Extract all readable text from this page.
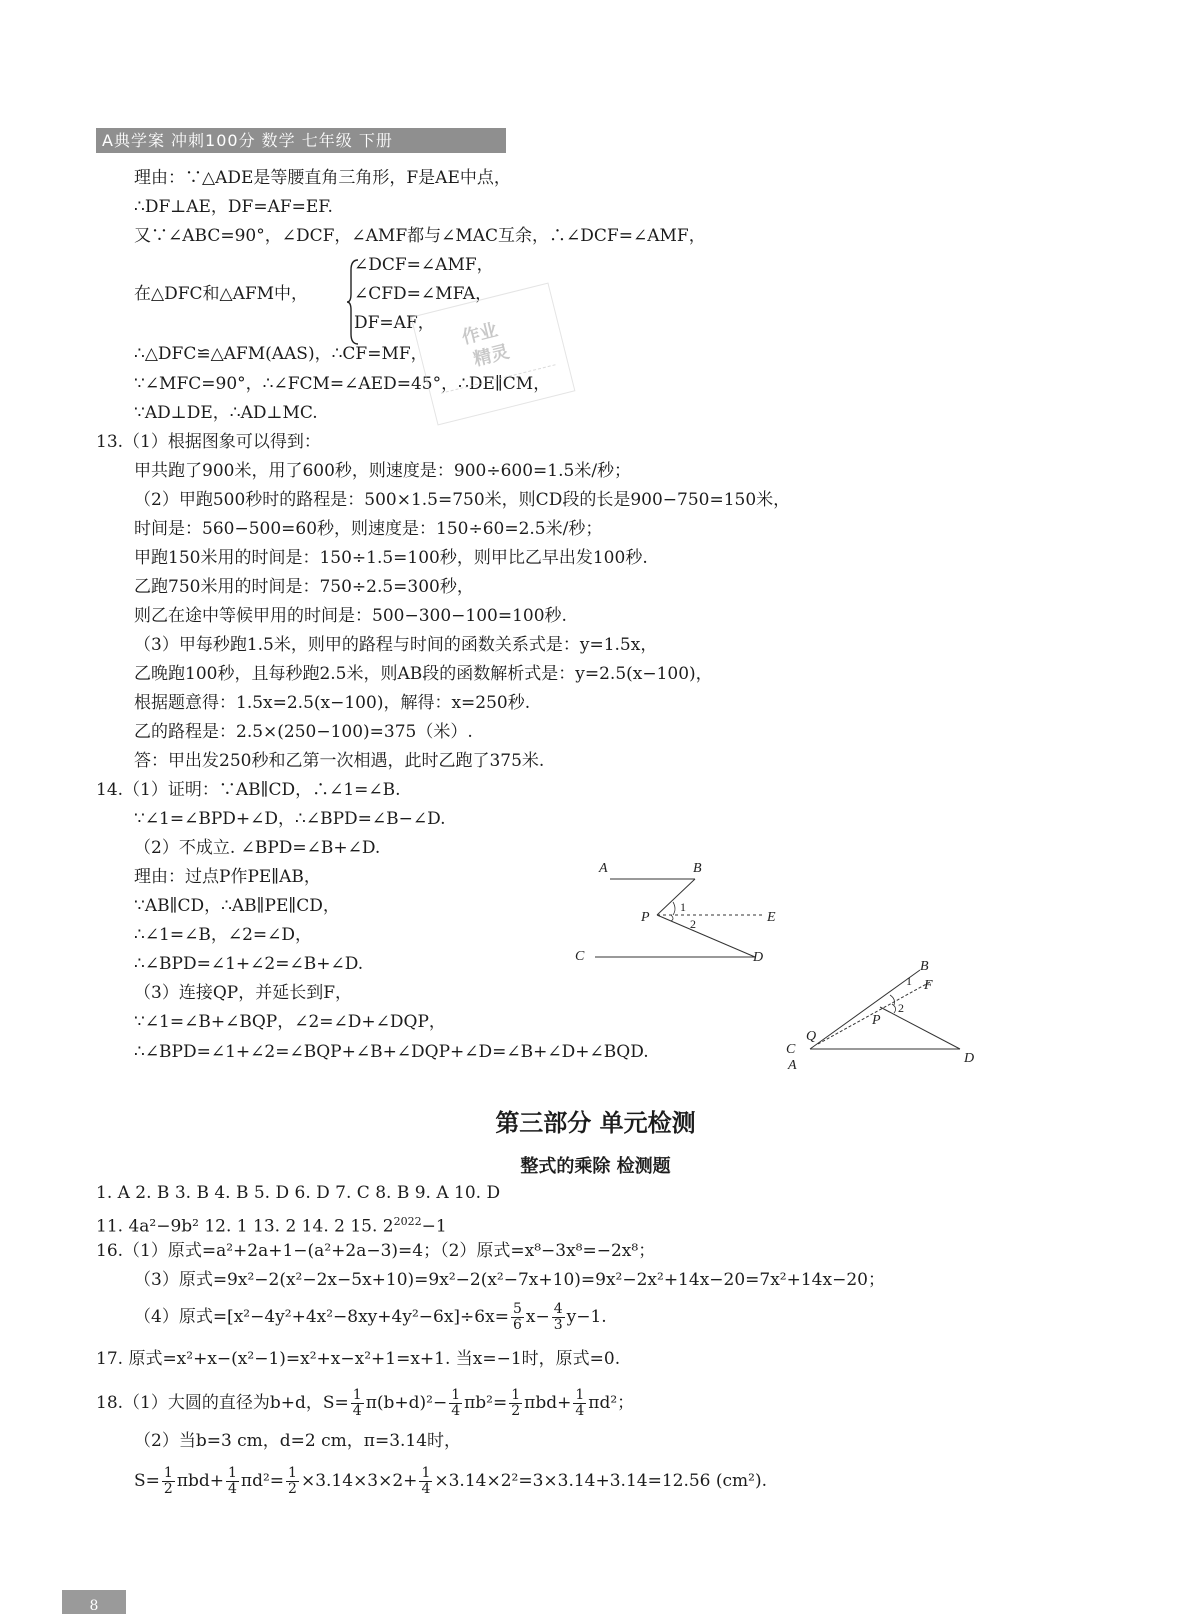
A典学案 冲刺100分 数学 七年级 下册
理由：∵△ADE是等腰直角三角形，F是AE中点，
∴DF⊥AE，DF=AF=EF.
又∵∠ABC=90°，∠DCF，∠AMF都与∠MAC互余，∴∠DCF=∠AMF，
在△DFC和△AFM中，
∠DCF=∠AMF，
∠CFD=∠MFA，
DF=AF，
∴△DFC≌△AFM(AAS)，∴CF=MF，
∵∠MFC=90°，∴∠FCM=∠AED=45°，∴DE∥CM，
∵AD⊥DE，∴AD⊥MC.
作业
精灵
13.（1）根据图象可以得到：
甲共跑了900米，用了600秒，则速度是：900÷600=1.5米/秒；
（2）甲跑500秒时的路程是：500×1.5=750米，则CD段的长是900−750=150米，
时间是：560−500=60秒，则速度是：150÷60=2.5米/秒；
甲跑150米用的时间是：150÷1.5=100秒，则甲比乙早出发100秒.
乙跑750米用的时间是：750÷2.5=300秒，
则乙在途中等候甲用的时间是：500−300−100=100秒.
（3）甲每秒跑1.5米，则甲的路程与时间的函数关系式是：y=1.5x，
乙晚跑100秒，且每秒跑2.5米，则AB段的函数解析式是：y=2.5(x−100)，
根据题意得：1.5x=2.5(x−100)，解得：x=250秒.
乙的路程是：2.5×(250−100)=375（米）.
答：甲出发250秒和乙第一次相遇，此时乙跑了375米.
14.（1）证明：∵AB∥CD，∴∠1=∠B.
∵∠1=∠BPD+∠D，∴∠BPD=∠B−∠D.
（2）不成立. ∠BPD=∠B+∠D.
理由：过点P作PE∥AB，
∵AB∥CD，∴AB∥PE∥CD，
∴∠1=∠B，∠2=∠D，
∴∠BPD=∠1+∠2=∠B+∠D.
（3）连接QP，并延长到F，
∵∠1=∠B+∠BQP，∠2=∠D+∠DQP，
∴∠BPD=∠1+∠2=∠BQP+∠B+∠DQP+∠D=∠B+∠D+∠BQD.
A	B
P	E
C	D
1
2
B
F
P
Q
C
A	D
1
2
第三部分 单元检测
整式的乘除 检测题
1. A 2. B 3. B 4. B 5. D 6. D 7. C 8. B 9. A 10. D
11. 4a²−9b² 12. 1 13. 2 14. 2 15. $2^{2022}-1$
16.（1）原式=a²+2a+1−(a²+2a−3)=4；（2）原式=x⁸−3x⁸=−2x⁸；
（3）原式=9x²−2(x²−2x−5x+10)=9x²−2(x²−7x+10)=9x²−2x²+14x−20=7x²+14x−20；
（4）原式$=[x^2-4y^2+4x^2-8xy+4y^2-6x]\div 6x= \frac{5}{6} x- \frac{4}{3} y-1$.
17. 原式=x²+x−(x²−1)=x²+x−x²+1=x+1. 当x=−1时，原式=0.
18.（1）大圆的直径为b+d，$S= \frac{1}{4} \pi(b+d)^2- \frac{1}{4} \pi b^2= \frac{1}{2} \pi bd+ \frac{1}{4} \pi d^2$；
（2）当b=3 cm，d=2 cm，π=3.14时，
$S= \frac{1}{2} \pi bd+ \frac{1}{4} \pi d^2= \frac{1}{2} \times 3.14\times 3\times 2+ \frac{1}{4} \times 3.14\times 2^2=3\times 3.14+3.14=12.56$ (cm²).
8
